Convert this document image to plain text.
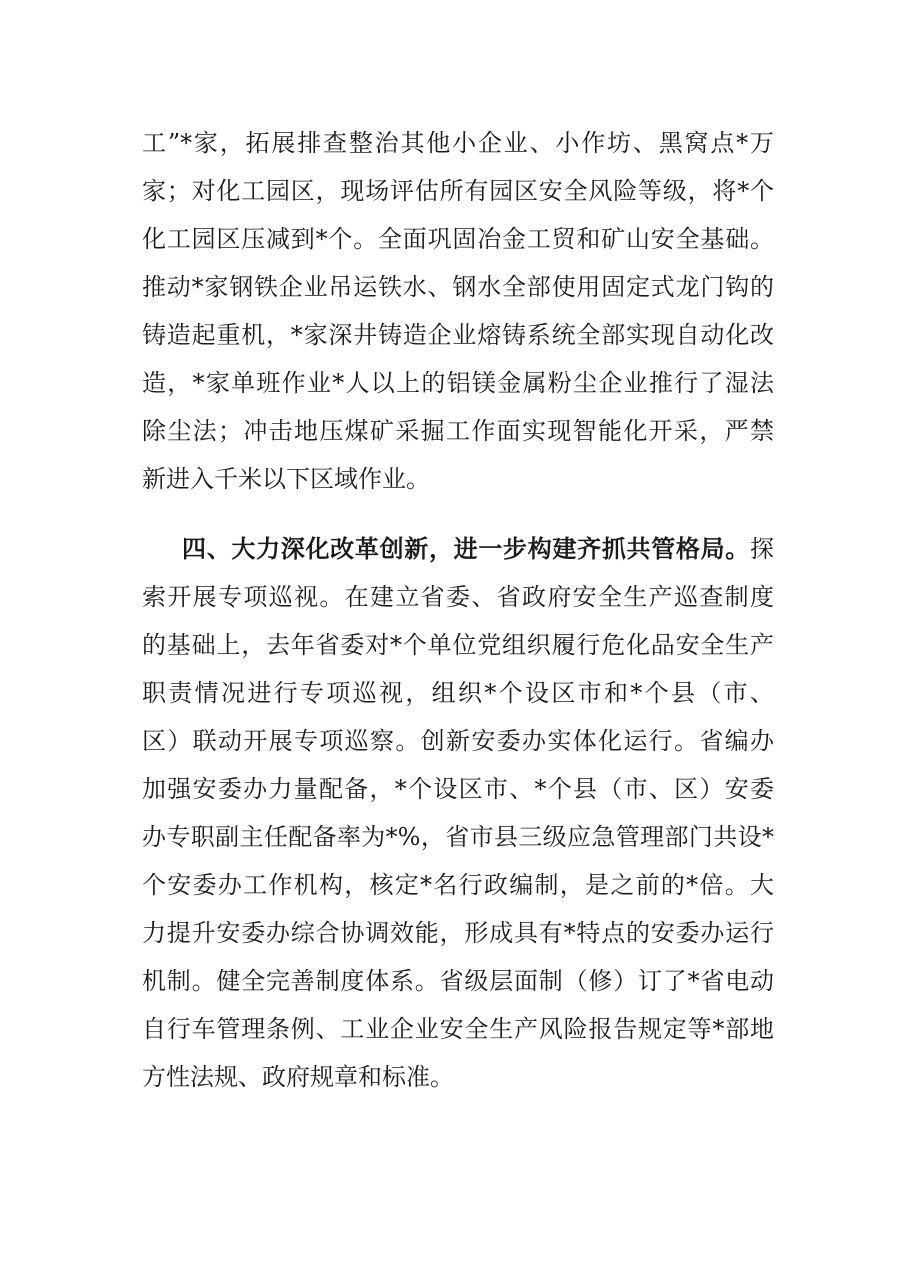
工”*家，拓展排查整治其他小企业、小作坊、黑窝点*万
家；对化工园区，现场评估所有园区安全风险等级，将*个
化工园区压减到*个。全面巩固冶金工贸和矿山安全基础。
推动*家钢铁企业吊运铁水、钢水全部使用固定式龙门钩的
铸造起重机，*家深井铸造企业熔铸系统全部实现自动化改
造，*家单班作业*人以上的铝镁金属粉尘企业推行了湿法
除尘法；冲击地压煤矿采掘工作面实现智能化开采，严禁
新进入千米以下区域作业。
四、大力深化改革创新，进一步构建齐抓共管格局。探
索开展专项巡视。在建立省委、省政府安全生产巡查制度
的基础上，去年省委对*个单位党组织履行危化品安全生产
职责情况进行专项巡视，组织*个设区市和*个县（市、
区）联动开展专项巡察。创新安委办实体化运行。省编办
加强安委办力量配备，*个设区市、*个县（市、区）安委
办专职副主任配备率为*%，省市县三级应急管理部门共设*
个安委办工作机构，核定*名行政编制，是之前的*倍。大
力提升安委办综合协调效能，形成具有*特点的安委办运行
机制。健全完善制度体系。省级层面制（修）订了*省电动
自行车管理条例、工业企业安全生产风险报告规定等*部地
方性法规、政府规章和标准。
